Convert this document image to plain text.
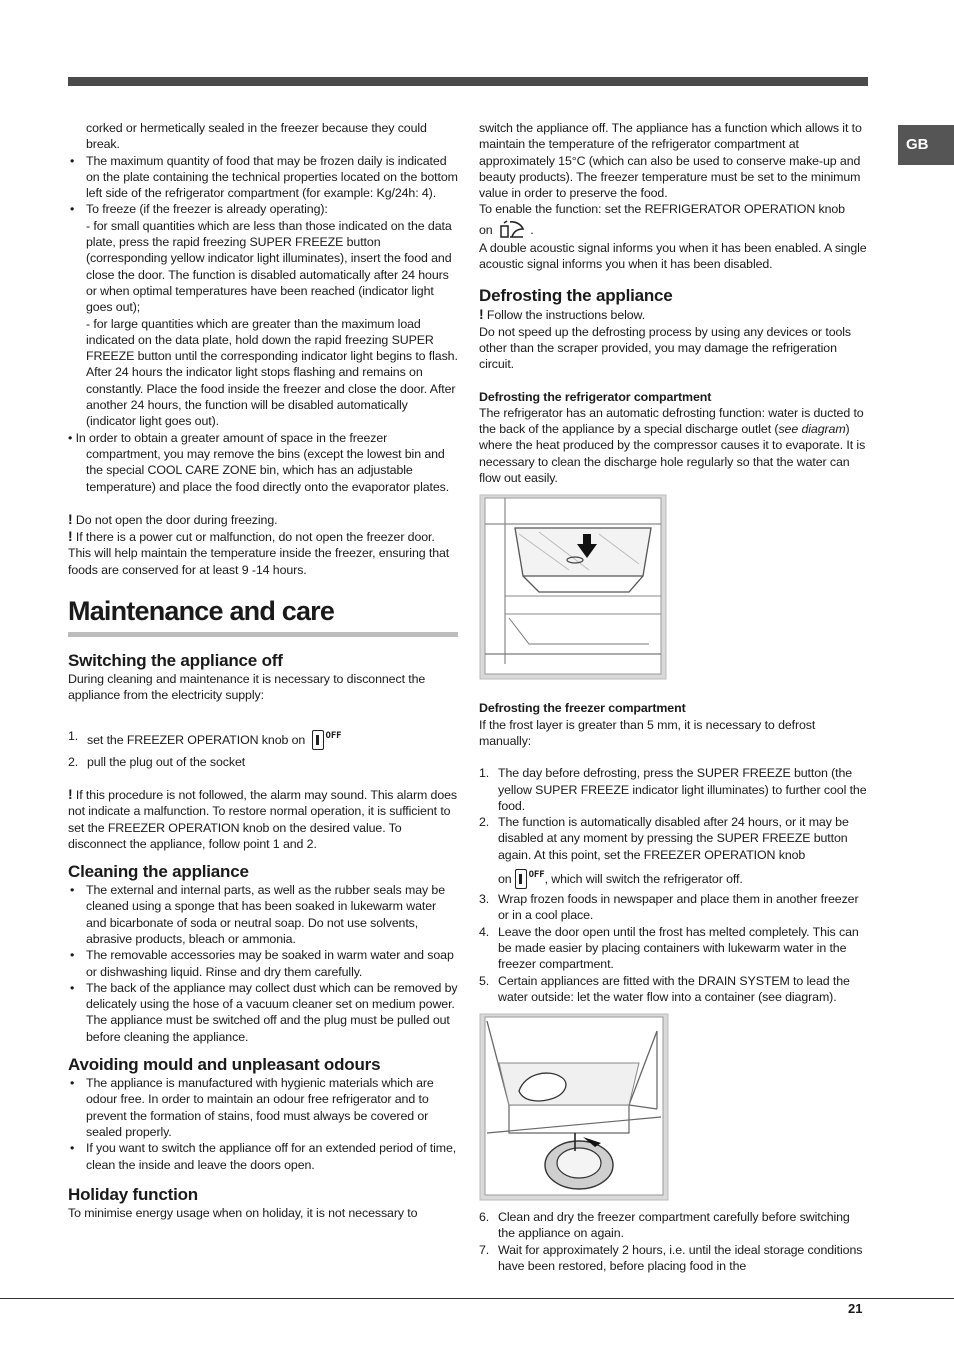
GB

corked or hermetically sealed in the freezer because they could break.

• The maximum quantity of food that may be frozen daily is indicated on the plate containing the technical properties located on the bottom left side of the refrigerator compartment (for example: Kg/24h: 4).
• To freeze (if the freezer is already operating):
- for small quantities which are less than those indicated on the data plate, press the rapid freezing SUPER FREEZE button (corresponding yellow indicator light illuminates), insert the food and close the door. The function is disabled automatically after 24 hours or when optimal temperatures have been reached (indicator light goes out);
- for large quantities which are greater than the maximum load indicated on the data plate, hold down the rapid freezing SUPER FREEZE button until the corresponding indicator light begins to flash. After 24 hours the indicator light stops flashing and remains on constantly. Place the food inside the freezer and close the door. After another 24 hours, the function will be disabled automatically (indicator light goes out).

• In order to obtain a greater amount of space in the freezer

compartment, you may remove the bins (except the lowest bin and the special COOL CARE ZONE bin, which has an adjustable temperature) and place the food directly onto the evaporator plates.

! Do not open the door during freezing.

! If there is a power cut or malfunction, do not open the freezer door. This will help maintain the temperature inside the freezer, ensuring that foods are conserved for at least 9 -14 hours.

Maintenance and care
Switching the appliance off

During cleaning and maintenance it is necessary to disconnect the appliance from the electricity supply:

1. set the FREEZER OPERATION knob on $^{OFF}$
2. pull the plug out of the socket

! If this procedure is not followed, the alarm may sound. This alarm does not indicate a malfunction. To restore normal operation, it is sufficient to set the FREEZER OPERATION knob on the desired value. To disconnect the appliance, follow point 1 and 2.

Cleaning the appliance
• The external and internal parts, as well as the rubber seals may be cleaned using a sponge that has been soaked in lukewarm water and bicarbonate of soda or neutral soap. Do not use solvents, abrasive products, bleach or ammonia.
• The removable accessories may be soaked in warm water and soap or dishwashing liquid. Rinse and dry them carefully.
• The back of the appliance may collect dust which can be removed by delicately using the hose of a vacuum cleaner set on medium power. The appliance must be switched off and the plug must be pulled out before cleaning the appliance.
Avoiding mould and unpleasant odours
• The appliance is manufactured with hygienic materials which are odour free. In order to maintain an odour free refrigerator and to prevent the formation of stains, food must always be covered or sealed properly.
• If you want to switch the appliance off for an extended period of time, clean the inside and leave the doors open.
Holiday function

To minimise energy usage when on holiday, it is not necessary to

switch the appliance off. The appliance has a function which allows it to maintain the temperature of the refrigerator compartment at approximately 15°C (which can also be used to conserve make-up and beauty products). The freezer temperature must be set to the minimum value in order to preserve the food.

To enable the function: set the REFRIGERATOR OPERATION knob

on	.

A double acoustic signal informs you when it has been enabled. A single acoustic signal informs you when it has been disabled.

Defrosting the appliance

! Follow the instructions below.

Do not speed up the defrosting process by using any devices or tools other than the scraper provided, you may damage the refrigeration circuit.

Defrosting the refrigerator compartment

The refrigerator has an automatic defrosting function: water is ducted to the back of the appliance by a special discharge outlet (see diagram) where the heat produced by the compressor causes it to evaporate. It is necessary to clean the discharge hole regularly so that the water can flow out easily.

Defrosting the freezer compartment

If the frost layer is greater than 5 mm, it is necessary to defrost manually:

1. The day before defrosting, press the SUPER FREEZE button (the yellow SUPER FREEZE indicator light illuminates) to further cool the food.
2. The function is automatically disabled after 24 hours, or it may be disabled at any moment by pressing the SUPER FREEZE button again. At this point, set the FREEZER OPERATION knob
on $^{OFF}$, which will switch the refrigerator off.
3. Wrap frozen foods in newspaper and place them in another freezer or in a cool place.
4. Leave the door open until the frost has melted completely. This can be made easier by placing containers with lukewarm water in the freezer compartment.
5. Certain appliances are fitted with the DRAIN SYSTEM to lead the water outside: let the water flow into a container (see diagram).
6. Clean and dry the freezer compartment carefully before switching the appliance on again.
7. Wait for approximately 2 hours, i.e. until the ideal storage conditions have been restored, before placing food in the
21
